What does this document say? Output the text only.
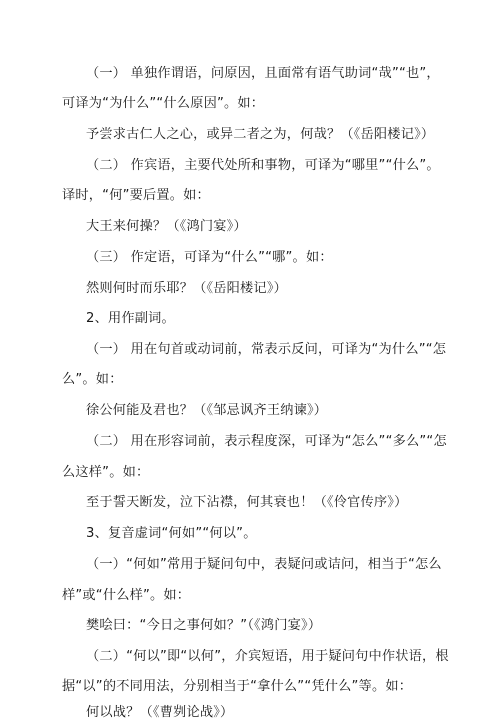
（一） 单独作谓语，问原因，且面常有语气助词“哉”“也”，
可译为“为什么”“什么原因”。如：
予尝求古仁人之心，或异二者之为，何哉？（《岳阳楼记》）
（二） 作宾语，主要代处所和事物，可译为“哪里”“什么”。
译时，“何”要后置。如：
大王来何操？（《鸿门宴》）
（三） 作定语，可译为“什么”“哪”。如：
然则何时而乐耶？（《岳阳楼记》）
2、用作副词。
（一） 用在句首或动词前，常表示反问，可译为“为什么”“怎
么”。如：
徐公何能及君也？（《邹忌讽齐王纳谏》）
（二） 用在形容词前，表示程度深，可译为“怎么”“多么”“怎
么这样”。如：
至于誓天断发，泣下沾襟，何其衰也！（《伶官传序》）
3、复音虚词“何如”“何以”。
（一）“何如”常用于疑问句中，表疑问或诘问，相当于“怎么
样”或“什么样”。如：
樊哙曰：“今日之事何如？”（《鸿门宴》）
（二）“何以”即“以何”，介宾短语，用于疑问句中作状语，根
据“以”的不同用法，分别相当于“拿什么”“凭什么”等。如：
何以战？（《曹刿论战》）
